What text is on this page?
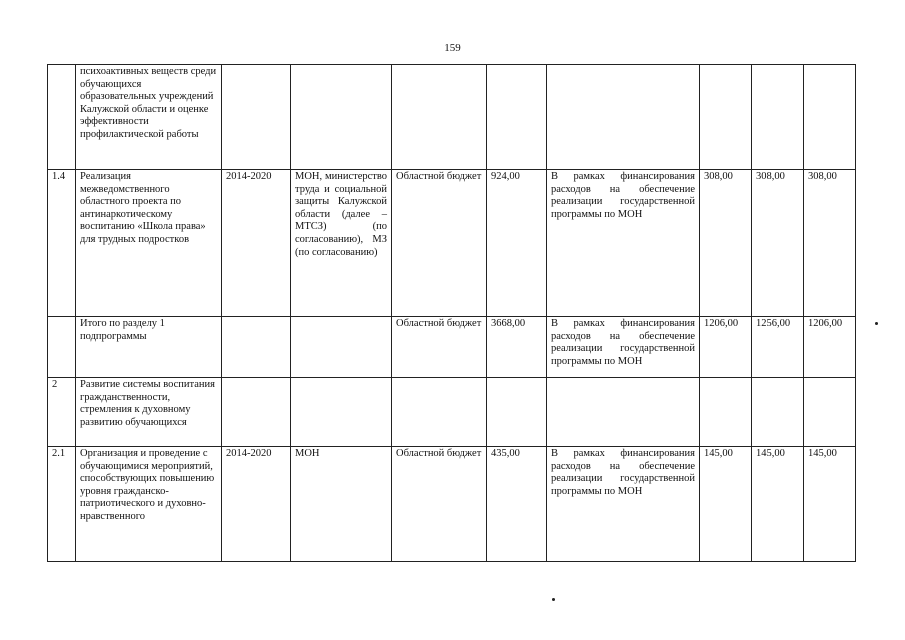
159
	психоактивных веществ среди обучающихся образовательных учреждений Калужской области и оценке эффективности профилактической работы								
1.4	Реализация межведомственного областного проекта по антинаркотическому воспитанию «Школа права» для трудных подростков	2014-2020	МОН, министерство труда и социальной защиты Калужской области (далее – МТСЗ) (по согласованию), МЗ (по согласованию)	Областной бюджет	924,00	В рамках финансирования расходов на обеспечение реализации государственной программы по МОН	308,00	308,00	308,00
	Итого по разделу 1 подпрограммы			Областной бюджет	3668,00	В рамках финансирования расходов на обеспечение реализации государственной программы по МОН	1206,00	1256,00	1206,00
2	Развитие системы воспитания гражданственности, стремления к духовному развитию обучающихся								
2.1	Организация и проведение с обучающимися мероприятий, способствующих повышению уровня гражданско-патриотического и духовно-нравственного	2014-2020	МОН	Областной бюджет	435,00	В рамках финансирования расходов на обеспечение реализации государственной программы по МОН	145,00	145,00	145,00
